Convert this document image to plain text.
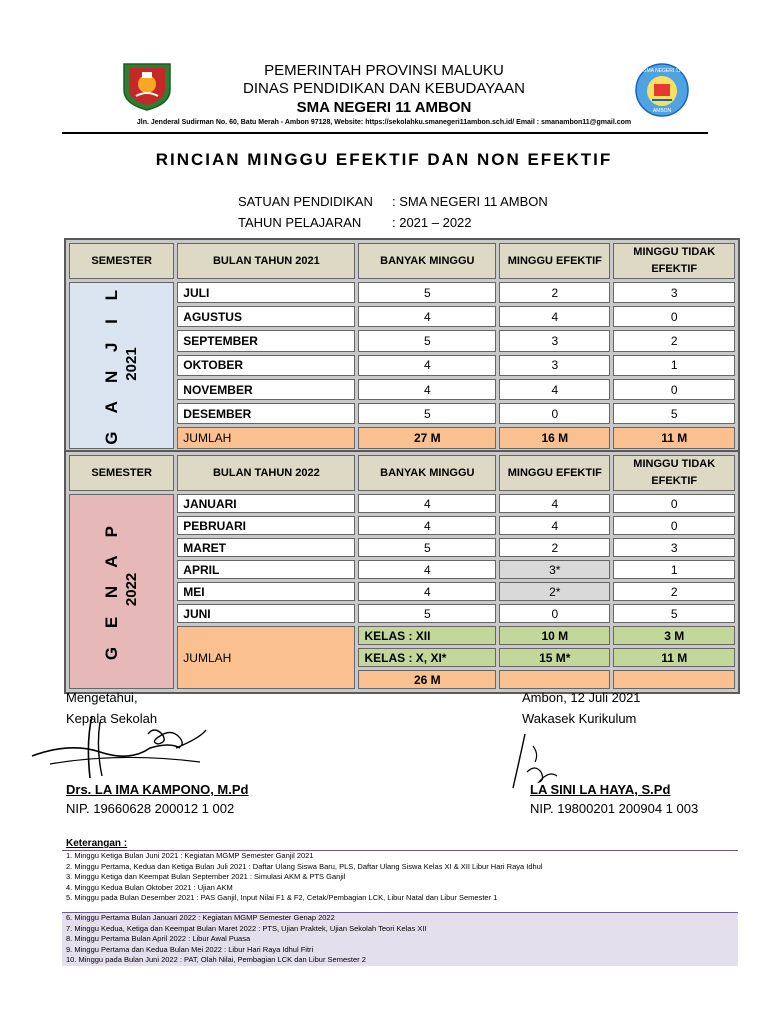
SMA NEGERI 11
AMBON
PEMERINTAH PROVINSI MALUKU
DINAS PENDIDIKAN DAN KEBUDAYAAN
SMA NEGERI 11 AMBON
Jln. Jenderal Sudirman No. 60, Batu Merah - Ambon 97128, Website: https://sekolahku.smanegeri11ambon.sch.id/ Email : smanambon11@gmail.com
RINCIAN MINGGU EFEKTIF DAN NON EFEKTIF
SATUAN PENDIDIKAN : SMA NEGERI 11 AMBON
TAHUN PELAJARAN : 2021 – 2022
SEMESTER	BULAN TAHUN 2021	BANYAK MINGGU	MINGGU EFEKTIF	MINGGU TIDAK EFEKTIF

G A N J I L 2021	JULI	5	2	3
	AGUSTUS	4	4	0
	SEPTEMBER	5	3	2
	OKTOBER	4	3	1
	NOVEMBER	4	4	0
	DESEMBER	5	0	5
	JUMLAH	27 M	16 M	11 M
SEMESTER	BULAN TAHUN 2022	BANYAK MINGGU	MINGGU EFEKTIF	MINGGU TIDAK EFEKTIF

G E N A P 2022	JANUARI	4	4	0
	PEBRUARI	4	4	0
	MARET	5	2	3
	APRIL	4	3*	1
	MEI	4	2*	2
	JUNI	5	0	5
	JUMLAH	KELAS : XII	10 M	3 M
		KELAS : X, XI*	15 M*	11 M
		26 M		
Mengetahui,
Kepala Sekolah
Drs. LA IMA KAMPONO, M.Pd
NIP. 19660628 200012 1 002
Ambon, 12 Juli 2021
Wakasek Kurikulum
LA SINI LA HAYA, S.Pd
NIP. 19800201 200904 1 003
Keterangan :
1. Minggu Ketiga Bulan Juni 2021 : Kegiatan MGMP Semester Ganjil 2021
2. Minggu Pertama, Kedua dan Ketiga Bulan Juli 2021 : Daftar Ulang Siswa Baru, PLS, Daftar Ulang Siswa Kelas XI & XII Libur Hari Raya Idhul
3. Minggu Ketiga dan Keempat Bulan September 2021 : Simulasi AKM & PTS Ganjil
4. Minggu Kedua Bulan Oktober 2021 : Ujian AKM
5. Minggu pada Bulan Desember 2021 : PAS Ganjil, Input Nilai F1 & F2, Cetak/Pembagian LCK, Libur Natal dan Libur Semester 1
6. Minggu Pertama Bulan Januari 2022 : Kegiatan MGMP Semester Genap 2022
7. Minggu Kedua, Ketiga dan Keempat Bulan Maret 2022 : PTS, Ujian Praktek, Ujian Sekolah Teori Kelas XII
8. Minggu Pertama Bulan April 2022 : Libur Awal Puasa
9. Minggu Pertama dan Kedua Bulan Mei 2022 : Libur Hari Raya Idhul Fitri
10. Minggu pada Bulan Juni 2022 : PAT, Olah Nilai, Pembagian LCK dan Libur Semester 2
